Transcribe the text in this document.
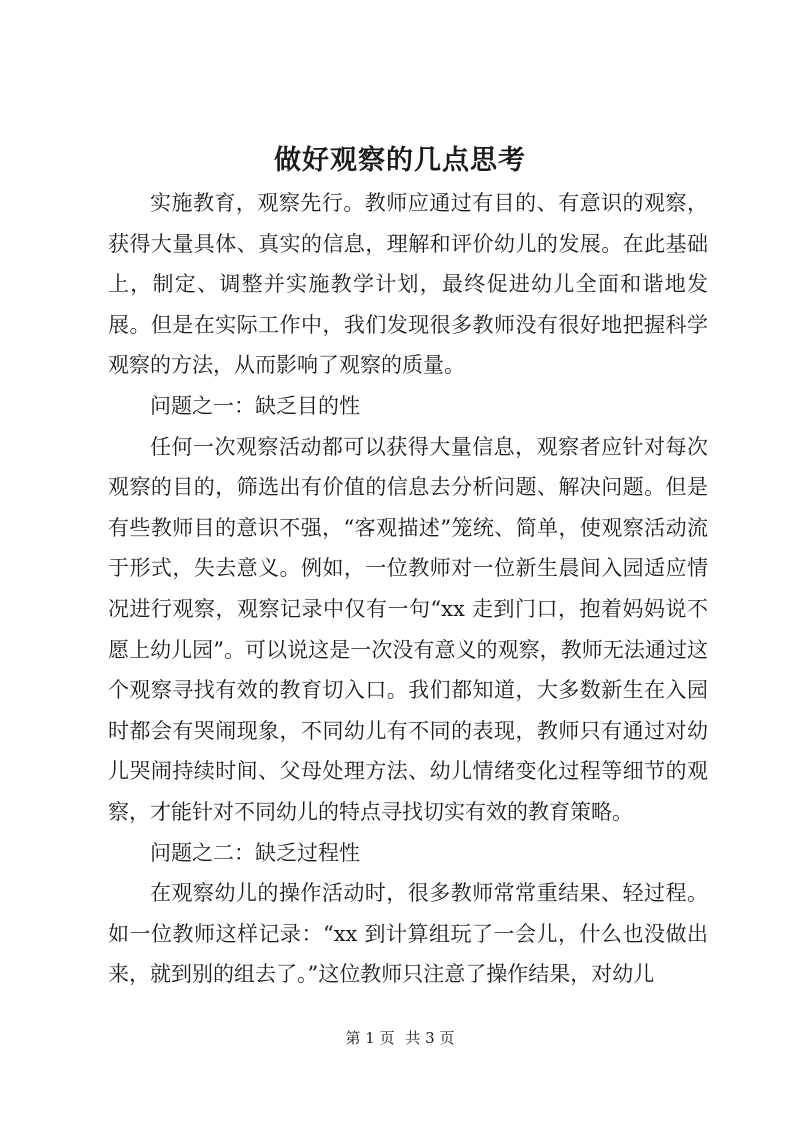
做好观察的几点思考

实施教育，观察先行。教师应通过有目的、有意识的观察，获得大量具体、真实的信息，理解和评价幼儿的发展。在此基础上，制定、调整并实施教学计划，最终促进幼儿全面和谐地发展。但是在实际工作中，我们发现很多教师没有很好地把握科学观察的方法，从而影响了观察的质量。

问题之一：缺乏目的性

任何一次观察活动都可以获得大量信息，观察者应针对每次观察的目的，筛选出有价值的信息去分析问题、解决问题。但是有些教师目的意识不强，“客观描述”笼统、简单，使观察活动流于形式，失去意义。例如，一位教师对一位新生晨间入园适应情况进行观察，观察记录中仅有一句“xx 走到门口，抱着妈妈说不愿上幼儿园”。可以说这是一次没有意义的观察，教师无法通过这个观察寻找有效的教育切入口。我们都知道，大多数新生在入园时都会有哭闹现象，不同幼儿有不同的表现，教师只有通过对幼儿哭闹持续时间、父母处理方法、幼儿情绪变化过程等细节的观察，才能针对不同幼儿的特点寻找切实有效的教育策略。

问题之二：缺乏过程性

在观察幼儿的操作活动时，很多教师常常重结果、轻过程。如一位教师这样记录：“xx 到计算组玩了一会儿，什么也没做出来，就到别的组去了。”这位教师只注意了操作结果，对幼儿

第 1 页 共 3 页
